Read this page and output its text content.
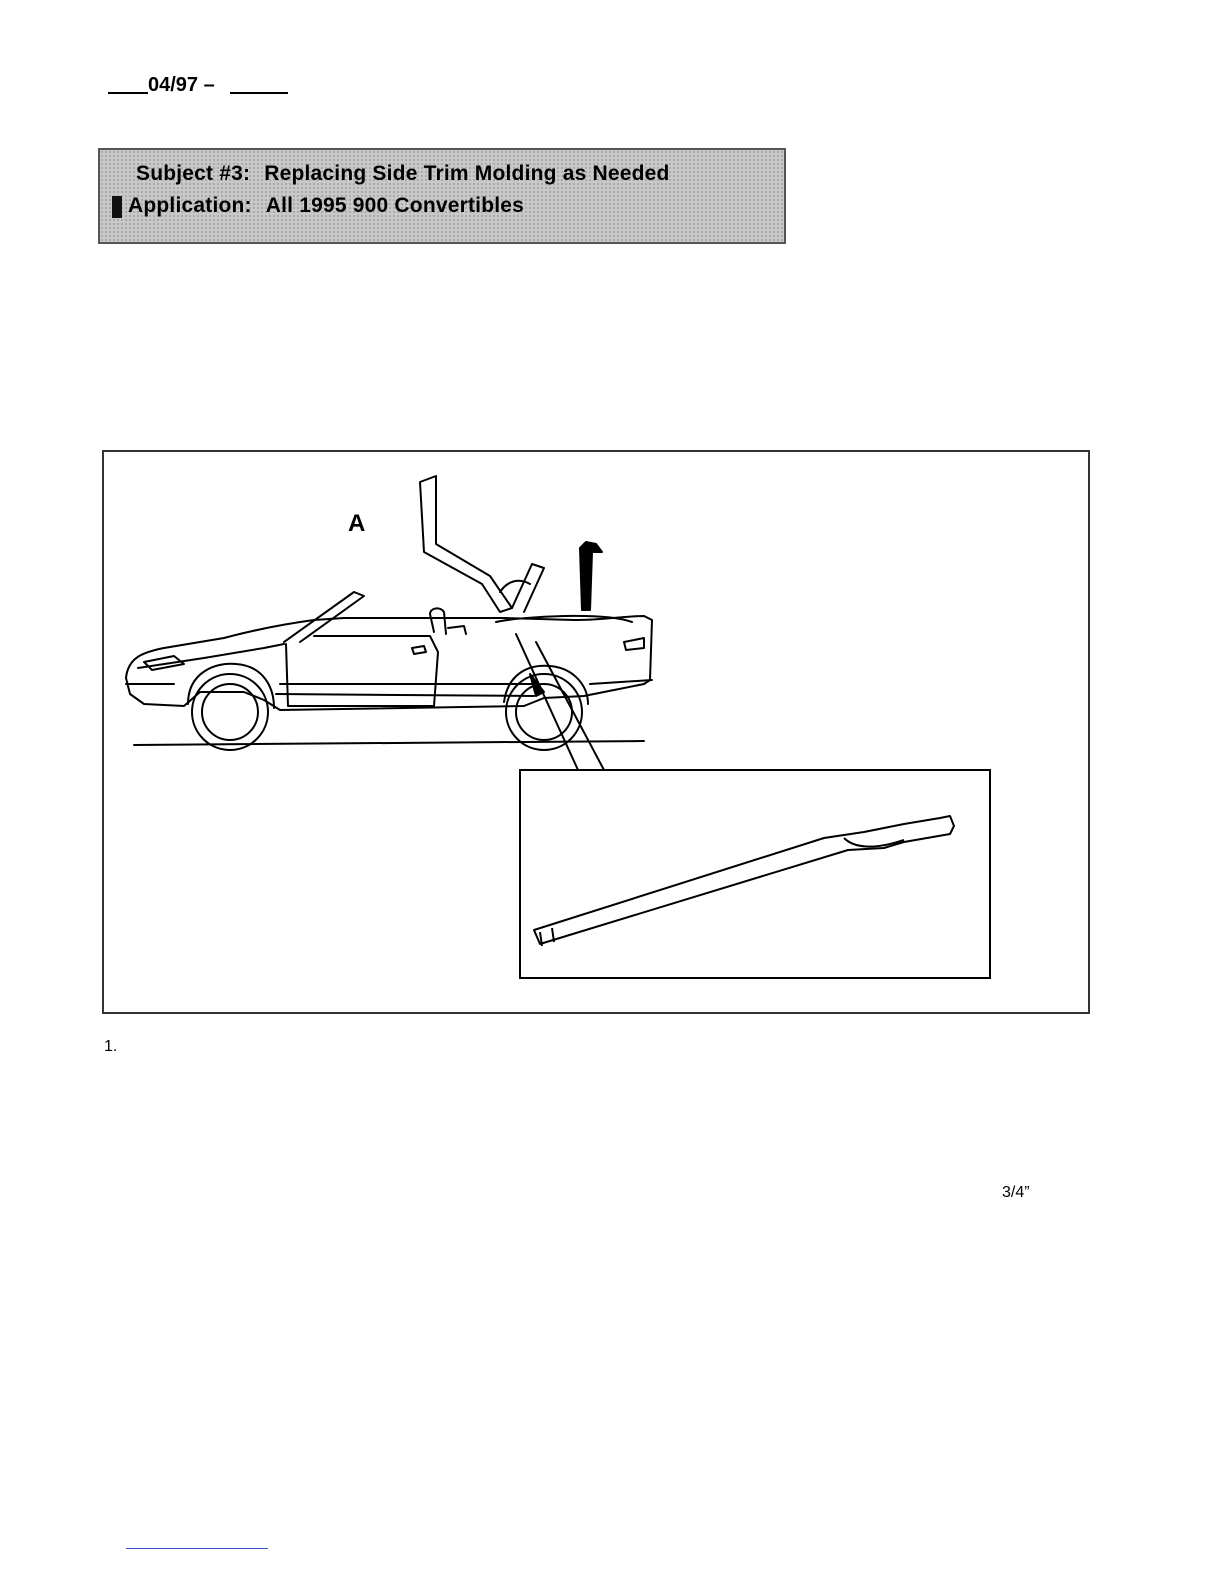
04/97 –
Subject #3: Replacing Side Trim Molding as Needed
Application: All 1995 900 Convertibles
A
1.
3/4”
